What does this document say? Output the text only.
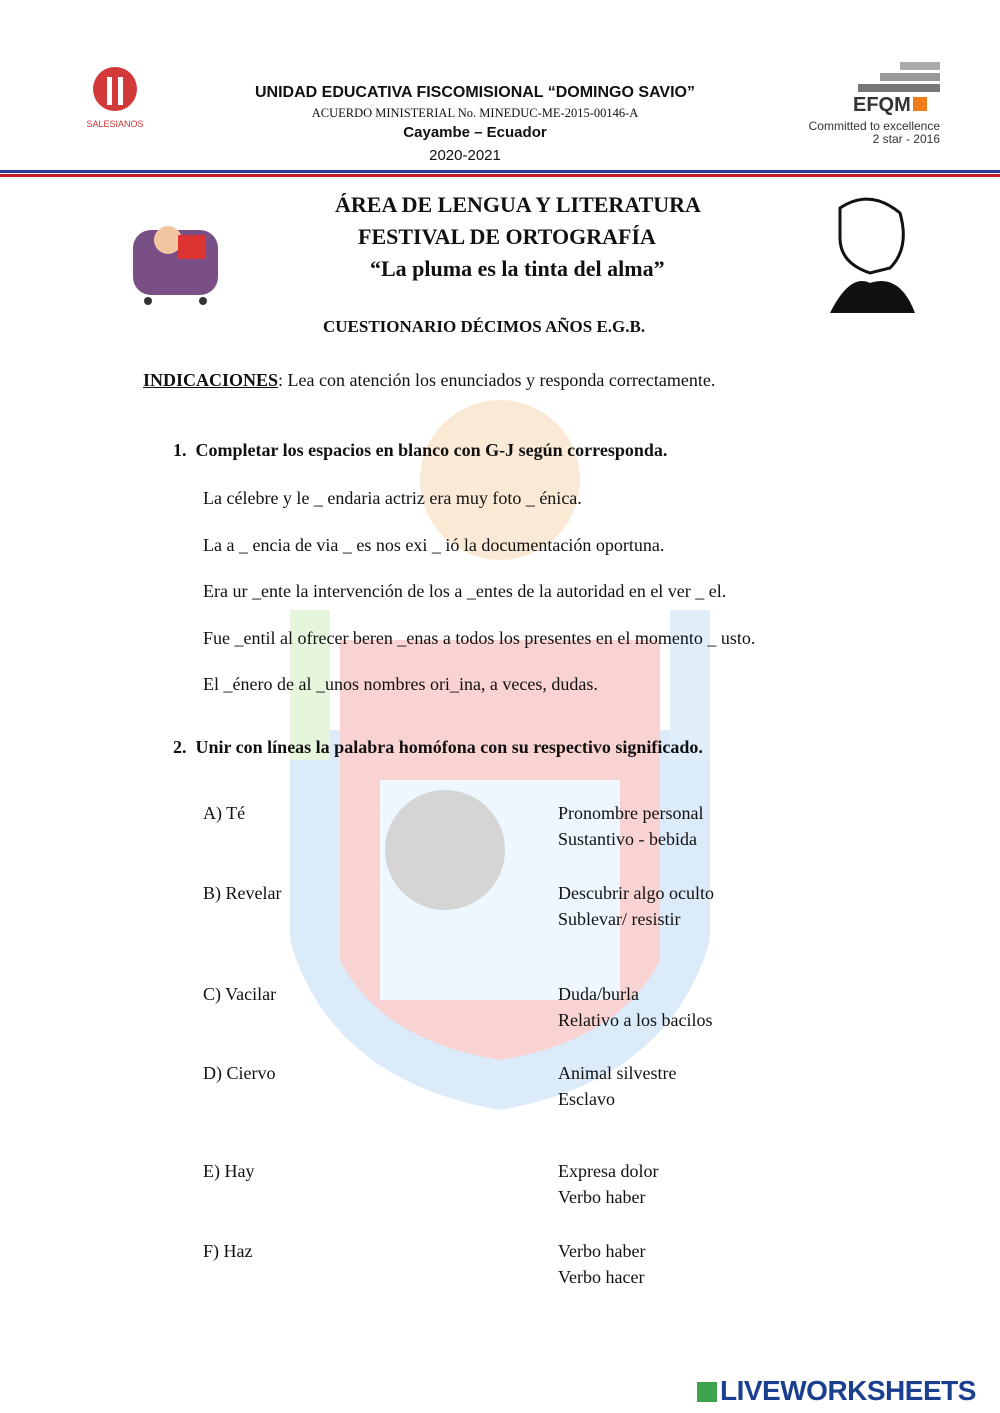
SALESIANOS
UNIDAD EDUCATIVA FISCOMISIONAL “DOMINGO SAVIO”
ACUERDO MINISTERIAL No. MINEDUC-ME-2015-00146-A
Cayambe – Ecuador
2020-2021
EFQM
Committed to excellence
2 star - 2016
ÁREA DE LENGUA Y LITERATURA
FESTIVAL DE ORTOGRAFÍA
“La pluma es la tinta del alma”
CUESTIONARIO DÉCIMOS AÑOS E.G.B.
INDICACIONES: Lea con atención los enunciados y responda correctamente.
1. Completar los espacios en blanco con G-J según corresponda.
La célebre y le _ endaria actriz era muy foto _ énica.
La a _ encia de via _ es nos exi _ ió la documentación oportuna.
Era ur _ente la intervención de los a _entes de la autoridad en el ver _ el.
Fue _entil al ofrecer beren _enas a todos los presentes en el momento _ usto.
El _énero de al _unos nombres ori_ina, a veces, dudas.
2. Unir con líneas la palabra homófona con su respectivo significado.
A) Té	Pronombre personal
Sustantivo - bebida
B) Revelar	Descubrir algo oculto
Sublevar/ resistir
C) Vacilar	Duda/burla
Relativo a los bacilos
D) Ciervo	Animal silvestre
Esclavo
E) Hay	Expresa dolor
Verbo haber
F) Haz	Verbo haber
Verbo hacer
LIVEWORKSHEETS
